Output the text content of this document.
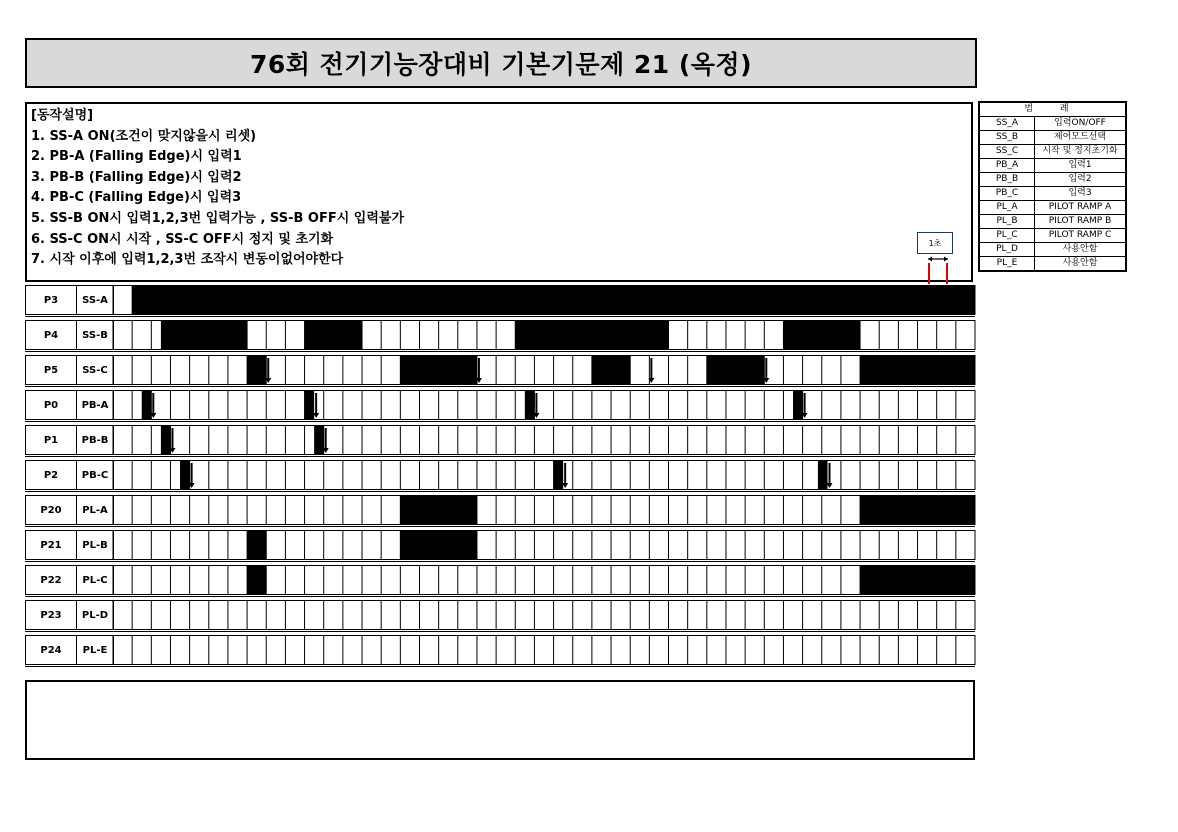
76회 전기기능장대비 기본기문제 21 (옥정)
[동작설명]
1. SS-A ON(조건이 맞지않을시 리셋)
2. PB-A (Falling Edge)시 입력1
3. PB-B (Falling Edge)시 입력2
4. PB-C (Falling Edge)시 입력3
5. SS-B ON시 입력1,2,3번 입력가능 , SS-B OFF시 입력불가
6. SS-C ON시 시작 , SS-C OFF시 정지 및 초기화
7. 시작 이후에 입력1,2,3번 조작시 변동이없어야한다
1초
범 례	
SS_A	입력ON/OFF
SS_B	제어모드선택
SS_C	시작 및 정지초기화
PB_A	입력1
PB_B	입력2
PB_C	입력3
PL_A	PILOT RAMP A
PL_B	PILOT RAMP B
PL_C	PILOT RAMP C
PL_D	사용안함
PL_E	사용안함
P3	SS-A
P4	SS-B
P5	SS-C
P0	PB-A
P1	PB-B
P2	PB-C
P20	PL-A
P21	PL-B
P22	PL-C
P23	PL-D
P24	PL-E
